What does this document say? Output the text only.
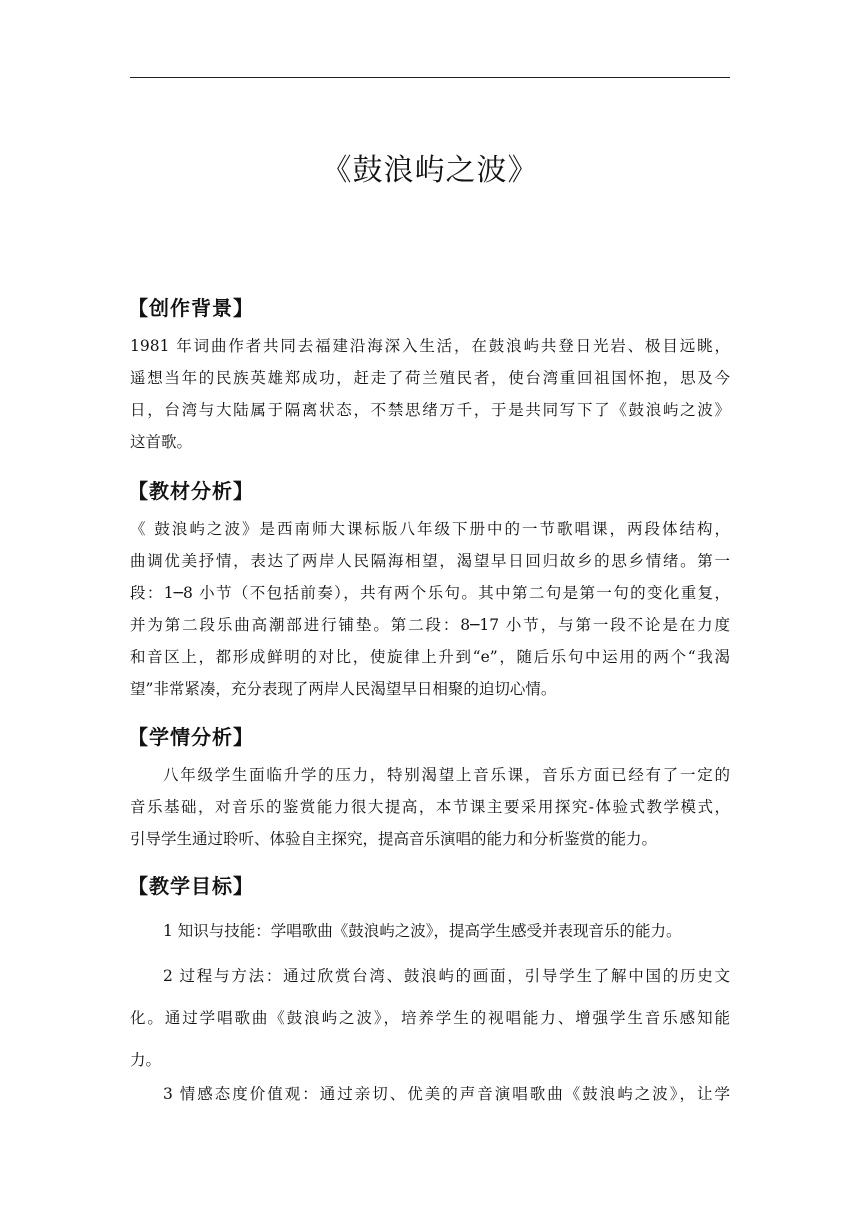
《鼓浪屿之波》
【创作背景】
1981 年词曲作者共同去福建沿海深入生活，在鼓浪屿共登日光岩、极目远眺，
遥想当年的民族英雄郑成功，赶走了荷兰殖民者，使台湾重回祖国怀抱，思及今
日，台湾与大陆属于隔离状态，不禁思绪万千，于是共同写下了《鼓浪屿之波》
这首歌。
【教材分析】
《 鼓浪屿之波》是西南师大课标版八年级下册中的一节歌唱课，两段体结构，
曲调优美抒情，表达了两岸人民隔海相望，渴望早日回归故乡的思乡情绪。第一
段：1─8 小节（不包括前奏），共有两个乐句。其中第二句是第一句的变化重复，
并为第二段乐曲高潮部进行铺垫。第二段：8─17 小节，与第一段不论是在力度
和音区上，都形成鲜明的对比，使旋律上升到“e”，随后乐句中运用的两个“我渴
望”非常紧凑，充分表现了两岸人民渴望早日相聚的迫切心情。
【学情分析】
八年级学生面临升学的压力，特别渴望上音乐课，音乐方面已经有了一定的
音乐基础，对音乐的鉴赏能力很大提高，本节课主要采用探究-体验式教学模式，
引导学生通过聆听、体验自主探究，提高音乐演唱的能力和分析鉴赏的能力。
【教学目标】
1 知识与技能：学唱歌曲《鼓浪屿之波》，提高学生感受并表现音乐的能力。
2 过程与方法：通过欣赏台湾、鼓浪屿的画面，引导学生了解中国的历史文
化。通过学唱歌曲《鼓浪屿之波》，培养学生的视唱能力、增强学生音乐感知能
力。
3 情感态度价值观：通过亲切、优美的声音演唱歌曲《鼓浪屿之波》，让学
